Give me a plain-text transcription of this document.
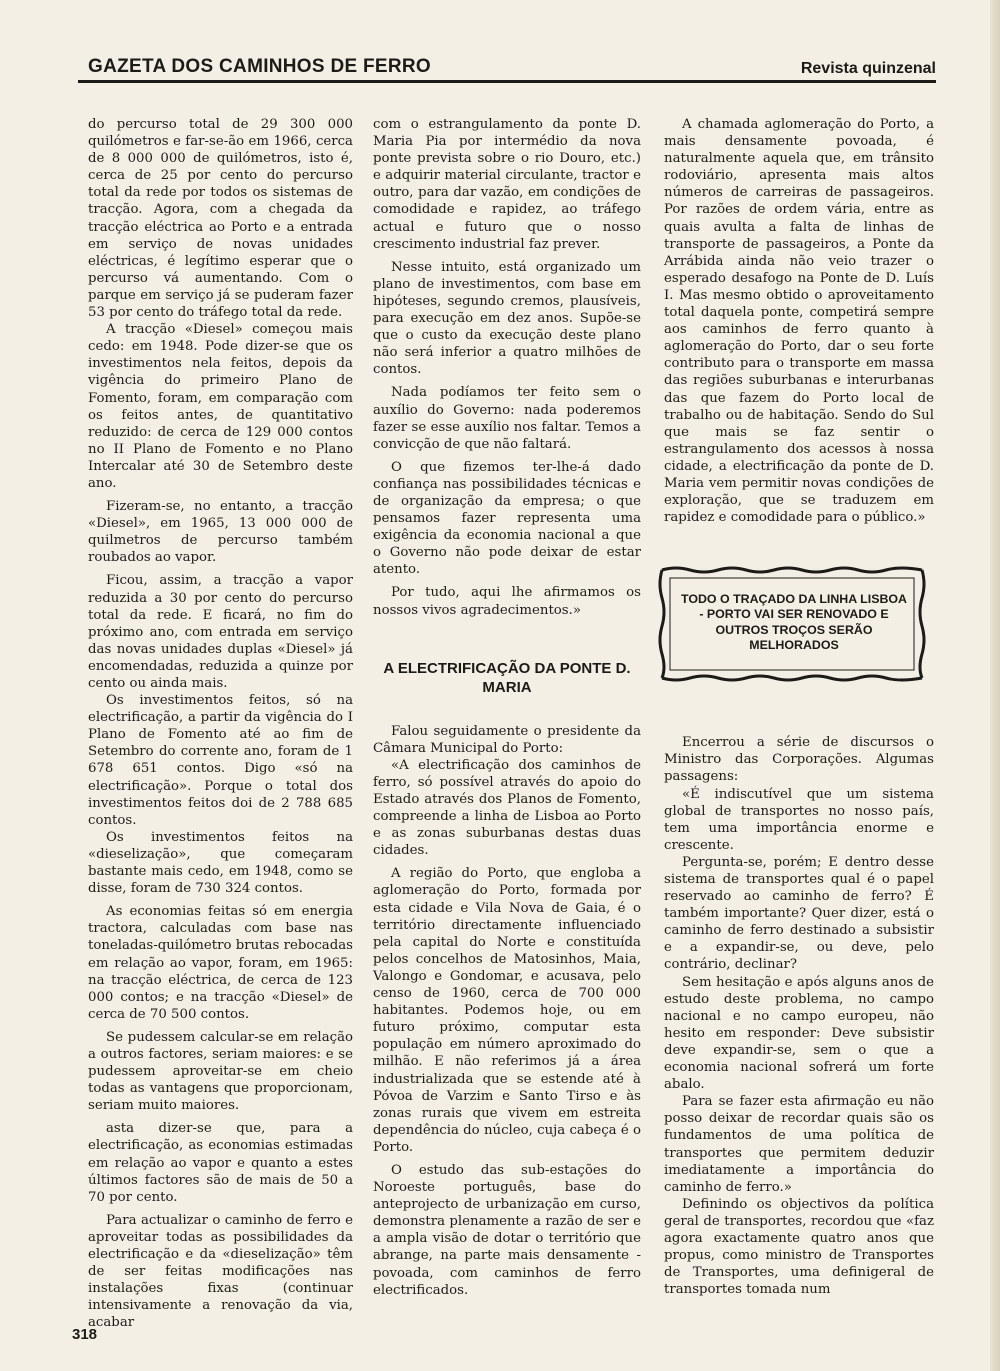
GAZETA DOS CAMINHOS DE FERRO	Revista quinzenal

do percurso total de 29 300 000 quilómetros e far-se-ão em 1966, cerca de 8 000 000 de quilómetros, isto é, cerca de 25 por cento do percurso total da rede por todos os sistemas de tracção. Agora, com a chegada da tracção eléctrica ao Porto e a entrada em serviço de novas unidades eléctricas, é legítimo esperar que o percurso vá aumentando. Com o parque em serviço já se puderam fazer 53 por cento do tráfego total da rede.

A tracção «Diesel» começou mais cedo: em 1948. Pode dizer-se que os investimentos nela feitos, depois da vigência do primeiro Plano de Fomento, foram, em comparação com os feitos antes, de quantitativo reduzido: de cerca de 129 000 contos no II Plano de Fomento e no Plano Intercalar até 30 de Setembro deste ano.

Fizeram-se, no entanto, a tracção «Diesel», em 1965, 13 000 000 de quilmetros de percurso também roubados ao vapor.

Ficou, assim, a tracção a vapor reduzida a 30 por cento do percurso total da rede. E ficará, no fim do próximo ano, com entrada em serviço das novas unidades duplas «Diesel» já encomendadas, reduzida a quinze por cento ou ainda mais.

Os investimentos feitos, só na electrificação, a partir da vigência do I Plano de Fomento até ao fim de Setembro do corrente ano, foram de 1 678 651 contos. Digo «só na electrificação». Porque o total dos investimentos feitos doi de 2 788 685 contos.

Os investimentos feitos na «dieselização», que começaram bastante mais cedo, em 1948, como se disse, foram de 730 324 contos.

As economias feitas só em energia tractora, calculadas com base nas toneladas-quilómetro brutas rebocadas em relação ao vapor, foram, em 1965: na tracção eléctrica, de cerca de 123 000 contos; e na tracção «Diesel» de cerca de 70 500 contos.

Se pudessem calcular-se em relação a outros factores, seriam maiores: e se pudessem aproveitar-se em cheio todas as vantagens que proporcionam, seriam muito maiores.

asta dizer-se que, para a electrificação, as economias estimadas em relação ao vapor e quanto a estes últimos factores são de mais de 50 a 70 por cento.

Para actualizar o caminho de ferro e aproveitar todas as possibilidades da electrificação e da «dieselização» têm de ser feitas modificações nas instalações fixas (continuar intensivamente a renovação da via, acabar

com o estrangulamento da ponte D. Maria Pia por intermédio da nova ponte prevista sobre o rio Douro, etc.) e adquirir material circulante, tractor e outro, para dar vazão, em condições de comodidade e rapidez, ao tráfego actual e futuro que o nosso crescimento industrial faz prever.

Nesse intuito, está organizado um plano de investimentos, com base em hipóteses, segundo cremos, plausíveis, para execução em dez anos. Supõe-se que o custo da execução deste plano não será inferior a quatro milhões de contos.

Nada podíamos ter feito sem o auxílio do Governo: nada poderemos fazer se esse auxílio nos faltar. Temos a convicção de que não faltará.

O que fizemos ter-lhe-á dado confiança nas possibilidades técnicas e de organização da empresa; o que pensamos fazer representa uma exigência da economia nacional a que o Governo não pode deixar de estar atento.

Por tudo, aqui lhe afirmamos os nossos vivos agradecimentos.»

A ELECTRIFICAÇÃO DA PONTE D. MARIA

Falou seguidamente o presidente da Câmara Municipal do Porto:

«A electrificação dos caminhos de ferro, só possível através do apoio do Estado através dos Planos de Fomento, compreende a linha de Lisboa ao Porto e as zonas suburbanas destas duas cidades.

A região do Porto, que engloba a aglomeração do Porto, formada por esta cidade e Vila Nova de Gaia, é o território directamente influenciado pela capital do Norte e constituída pelos concelhos de Matosinhos, Maia, Valongo e Gondomar, e acusava, pelo censo de 1960, cerca de 700 000 habitantes. Podemos hoje, ou em futuro próximo, computar esta população em número aproximado do milhão. E não referimos já a área industrializada que se estende até à Póvoa de Varzim e Santo Tirso e às zonas rurais que vivem em estreita dependência do núcleo, cuja cabeça é o Porto.

O estudo das sub-estações do Noroeste português, base do anteprojecto de urbanização em curso, demonstra plenamente a razão de ser e a ampla visão de dotar o território que abrange, na parte mais densamente -povoada, com caminhos de ferro electrificados.

A chamada aglomeração do Porto, a mais densamente povoada, é naturalmente aquela que, em trânsito rodoviário, apresenta mais altos números de carreiras de passageiros. Por razões de ordem vária, entre as quais avulta a falta de linhas de transporte de passageiros, a Ponte da Arrábida ainda não veio trazer o esperado desafogo na Ponte de D. Luís I. Mas mesmo obtido o aproveitamento total daquela ponte, competirá sempre aos caminhos de ferro quanto à aglomeração do Porto, dar o seu forte contributo para o transporte em massa das regiões suburbanas e interurbanas das que fazem do Porto local de trabalho ou de habitação. Sendo do Sul que mais se faz sentir o estrangulamento dos acessos à nossa cidade, a electrificação da ponte de D. Maria vem permitir novas condições de exploração, que se traduzem em rapidez e comodidade para o público.»

TODO O TRAÇADO DA LINHA LISBOA - PORTO VAI SER RENOVADO E OUTROS TROÇOS SERÃO MELHORADOS

Encerrou a série de discursos o Ministro das Corporações. Algumas passagens:

«É indiscutível que um sistema global de transportes no nosso país, tem uma importância enorme e crescente.

Pergunta-se, porém; E dentro desse sistema de transportes qual é o papel reservado ao caminho de ferro? É também importante? Quer dizer, está o caminho de ferro destinado a subsistir e a expandir-se, ou deve, pelo contrário, declinar?

Sem hesitação e após alguns anos de estudo deste problema, no campo nacional e no campo europeu, não hesito em responder: Deve subsistir deve expandir-se, sem o que a economia nacional sofrerá um forte abalo.

Para se fazer esta afirmação eu não posso deixar de recordar quais são os fundamentos de uma política de transportes que permitem deduzir imediatamente a importância do caminho de ferro.»

Definindo os objectivos da política geral de transportes, recordou que «faz agora exactamente quatro anos que propus, como ministro de Transportes de Transportes, uma definigeral de transportes tomada num

318
